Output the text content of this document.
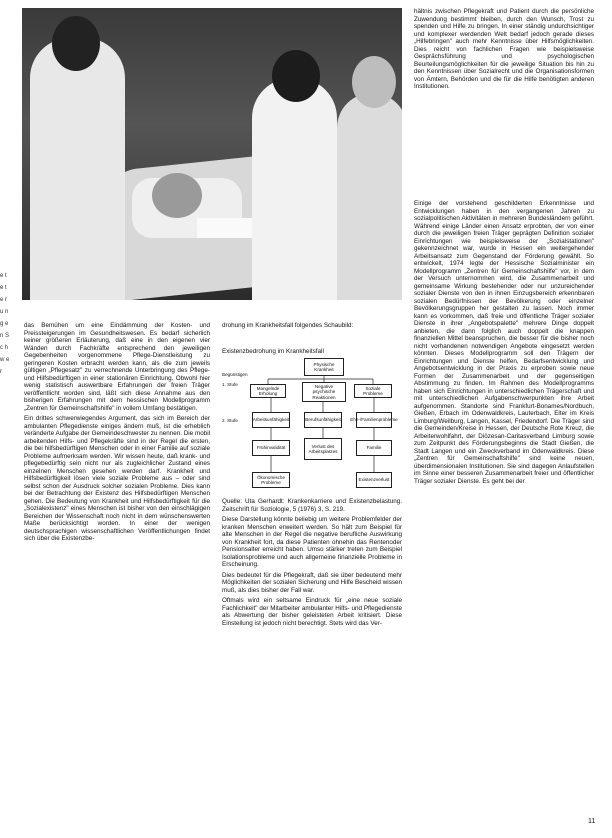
e t e t e r u n g e n S c h w e r

hältnis zwischen Pflegekraft und Patient durch die persönliche Zuwendung bestimmt bleiben, durch den Wunsch, Trost zu spenden und Hilfe zu bringen. In einer ständig undurchsichtiger und komplexer werdenden Welt bedarf jedoch gerade dieses „Hilfebringen" auch mehr Kenntnisse über Hilfsmöglichkeiten. Dies reicht von fachlichen Fragen wie beispielsweise Gesprächsführung und psychologischen Beurteilungsmöglichkeiten für die jeweilige Situation bis hin zu den Kenntnissen über Sozialrecht und die Organisationsformen von Ämtern, Behörden und die für die Hilfe benötigten anderen Institutionen.

Einige der vorstehend geschilderten Erkenntnisse und Entwicklungen haben in den vergangenen Jahren zu sozialpolitischen Aktivitäten in mehreren Bundesländern geführt. Während einige Länder einen Ansatz erprobten, der von einer durch die jeweiligen freien Träger geprägten Definition sozialer Einrichtungen wie beispielsweise der „Sozialstationen" gekennzeichnet war, wurde in Hessen ein weitergehender Arbeitsansatz zum Gegenstand der Förderung gewählt. So entwickelt, 1974 legte der Hessische Sozialminister ein Modellprogramm „Zentren für Gemeinschaftshilfe" vor, in dem der Versuch unternommen wird, die Zusammenarbeit und gemeinsame Wirkung bestehender oder nur unzureichender sozialer Dienste von den in ihnen Einzugsbereich erkennbaren sozialen Bedürfnissen der Bevölkerung oder einzelner Bevölkerungsgruppen her gestalten zu lassen. Noch immer kann es vorkommen, daß freie und öffentliche Träger sozialer Dienste in ihrer „Angebotspalette" mehrere Dinge doppelt anbieten, die dann folglich auch doppelt die knappen finanziellen Mittel beanspruchen, die besser für die bisher noch nicht vorhandenen notwendigen Angebote eingesetzt werden könnten. Dieses Modellprogramm soll den Trägern der Einrichtungen und Dienste helfen, Bedarfsentwicklung und Angebotsentwicklung in der Praxis zu erproben sowie neue Formen der Zusammenarbeit und der gegenseitigen Abstimmung zu finden. Im Rahmen des Modellprogramms haben sich Einrichtungen in unterschiedlichen Trägerschaft und mit unterschiedlichen Aufgabenschwerpunkten ihre Arbeit aufgenommen. Standorte sind Frankfurt-Bonames/Nordbuch, Gießen, Erbach im Odenwaldkreis, Lauterbach, Elter im Kreis Limburg/Weilburg, Langen, Kassel, Friedendorf. Die Träger sind die Gemeinden/Kreise in Hessen, der Deutsche Rote Kreuz, die Arbeiterwohlfahrt, der Diözesan-Caritasverband Limburg sowie zum Zeitpunkt des Förderungsbeginns die Stadt Gießen, die Stadt Langen und ein Zweckverband im Odenwaldkreis. Diese „Zentren für Gemeinschaftshilfe" sind keine neuen, überdimensionalen Institutionen. Sie sind dagegen Anlaufstellen im Sinne einer besseren Zusammenarbeit freier und öffentlicher Träger sozialer Dienste. Es geht bei der

das Bemühen um eine Eindämmung der Kosten- und Preissteigerungen im Gesundheitswesen. Es bedarf sicherlich keiner größeren Erläuterung, daß eine in den eigenen vier Wänden durch Fachkräfte entsprechend den jeweiligen Gegebenheiten vorgenommene Pflege-Dienstleistung zu geringeren Kosten erbracht werden kann, als die zum jeweils gültigen „Pflegesatz" zu verrechnende Unterbringung des Pflege- und Hilfsbedürftigen in einer stationären Einrichtung. Obwohl hier wenig statistisch auswertbare Erfahrungen der freien Träger veröffentlicht worden sind, läßt sich diese Annahme aus den bisherigen Erfahrungen mit dem hessischen Modellprogramm „Zentren für Gemeinschaftshilfe" in vollem Umfang bestätigen.

Ein drittes schwerwiegendes Argument, das sich im Bereich der ambulanten Pflegedienste einiges ändern muß, ist die erheblich veränderte Aufgabe der Gemeindeschwester zu nennen. Die mobil arbeitenden Hilfs- und Pflegekräfte sind in der Regel die ersten, die bei hilfsbedürftigen Menschen oder in einer Familie auf soziale Probleme aufmerksam werden. Wir wissen heute, daß krank- und pflegebedürftig sein nicht nur als zugleichlicher Zustand eines einzelnen Menschen gesehen werden darf. Krankheit und Hilfsbedürftigkeit lösen viele soziale Probleme aus – oder sind selbst schon der Ausdruck solcher sozialen Probleme. Dies kann bei der Betrachtung der Existenz des Hilfsbedürftigen Menschen gehen. Die Bedeutung von Krankheit und Hilfsbedürftigkeit für die „Sozialexistenz" eines Menschen ist bisher von den einschlägigen Bereichen der Wissenschaft noch nicht in dem wünschenswerten Maße berücksichtigt worden. In einer der wenigen deutschsprachigen wissenschaftlichen Veröffentlichungen findet sich über die Existenzbe-

drohung im Krankheitsfall folgendes Schaubild:

Existenzbedrohung im Krankheitsfall
Begünstigen
1. Stufe
2. Stufe
Physische Krankheit
Mangelnde Erholung
Negative psychische Reaktionen
Soziale Probleme
Arbeitsunfähigkeit	Berufsunfähigkeit Ehe-/Familienprobleme
Frühinvalidität	Verlust des Arbeitsplatzes
Familie
Ökonomische Probleme
Existenzverlust

Quelle: Uta Gerhardt: Krankenkarriere und Existenzbelastung. Zeitschrift für Soziologie, 5 (1976) 3, S. 219.

Diese Darstellung könnte beliebig um weitere Problemfelder der kranken Menschen erweitert werden. So hält zum Beispiel für alte Menschen in der Regel die negative berufliche Auswirkung von Krankheit fort, da diese Patienten ohnehin das Rentenoder Pensionsalter erreicht haben. Umso stärker treten zum Beispiel Isolationsprobleme und auch allgemeine finanzielle Probleme in Erscheinung.

Dies bedeutet für die Pflegekraft, daß sie über bedeutend mehr Möglichkeiten der sozialen Sicherung und Hilfe Bescheid wissen muß, als dies bisher der Fall war.

Oftmals wird ein seltsame Eindruck für „eine neue soziale Fachlichkeit" der Mitarbeiter ambulanter Hilfs- und Pflegedienste als Abwertung der bisher geleisteten Arbeit kritisiert. Diese Einstellung ist jedoch nicht berechtigt. Stets wird das Ver-

11
